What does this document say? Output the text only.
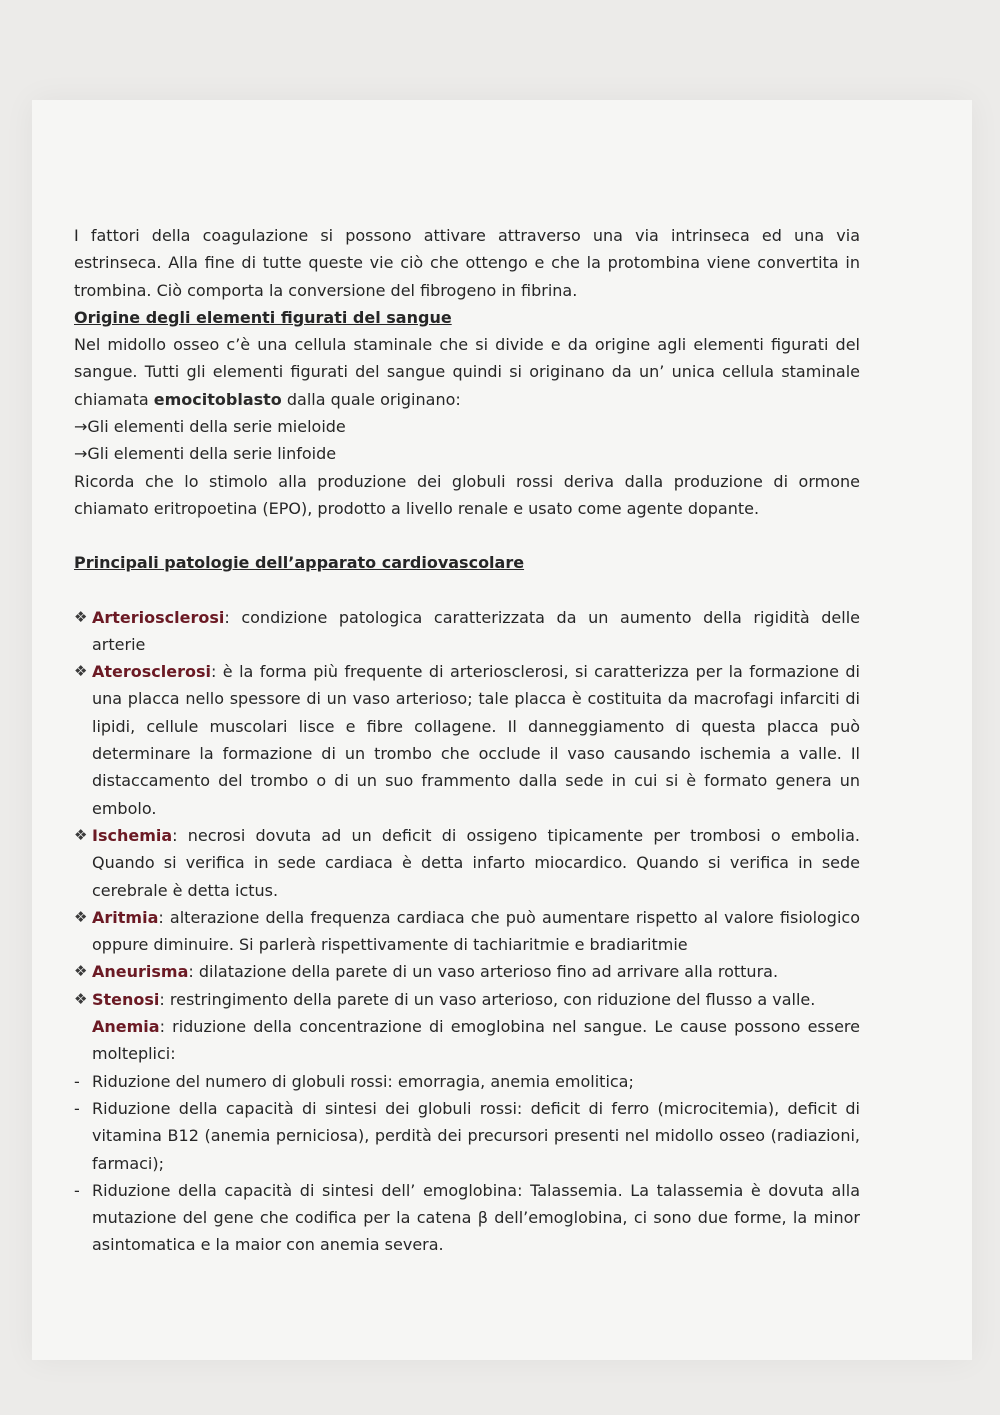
I fattori della coagulazione si possono attivare attraverso una via intrinseca ed una via estrinseca. Alla fine di tutte queste vie ciò che ottengo e che la protombina viene convertita in trombina. Ciò comporta la conversione del fibrogeno in fibrina.

Origine degli elementi figurati del sangue

Nel midollo osseo c’è una cellula staminale che si divide e da origine agli elementi figurati del sangue. Tutti gli elementi figurati del sangue quindi si originano da un’ unica cellula staminale chiamata emocitoblasto dalla quale originano:

→Gli elementi della serie mieloide

→Gli elementi della serie linfoide

Ricorda che lo stimolo alla produzione dei globuli rossi deriva dalla produzione di ormone chiamato eritropoetina (EPO), prodotto a livello renale e usato come agente dopante.

Principali patologie dell’apparato cardiovascolare

❖ Arteriosclerosi: condizione patologica caratterizzata da un aumento della rigidità delle arterie
❖ Aterosclerosi: è la forma più frequente di arteriosclerosi, si caratterizza per la formazione di una placca nello spessore di un vaso arterioso; tale placca è costituita da macrofagi infarciti di lipidi, cellule muscolari lisce e fibre collagene. Il danneggiamento di questa placca può determinare la formazione di un trombo che occlude il vaso causando ischemia a valle. Il distaccamento del trombo o di un suo frammento dalla sede in cui si è formato genera un embolo.
❖ Ischemia: necrosi dovuta ad un deficit di ossigeno tipicamente per trombosi o embolia. Quando si verifica in sede cardiaca è detta infarto miocardico. Quando si verifica in sede cerebrale è detta ictus.
❖ Aritmia: alterazione della frequenza cardiaca che può aumentare rispetto al valore fisiologico oppure diminuire. Si parlerà rispettivamente di tachiaritmie e bradiaritmie
❖ Aneurisma: dilatazione della parete di un vaso arterioso fino ad arrivare alla rottura.
❖ Stenosi: restringimento della parete di un vaso arterioso, con riduzione del flusso a valle.

Anemia: riduzione della concentrazione di emoglobina nel sangue. Le cause possono essere molteplici:

- Riduzione del numero di globuli rossi: emorragia, anemia emolitica;
- Riduzione della capacità di sintesi dei globuli rossi: deficit di ferro (microcitemia), deficit di vitamina B12 (anemia perniciosa), perdità dei precursori presenti nel midollo osseo (radiazioni, farmaci);
- Riduzione della capacità di sintesi dell’ emoglobina: Talassemia. La talassemia è dovuta alla mutazione del gene che codifica per la catena β dell’emoglobina, ci sono due forme, la minor asintomatica e la maior con anemia severa.
